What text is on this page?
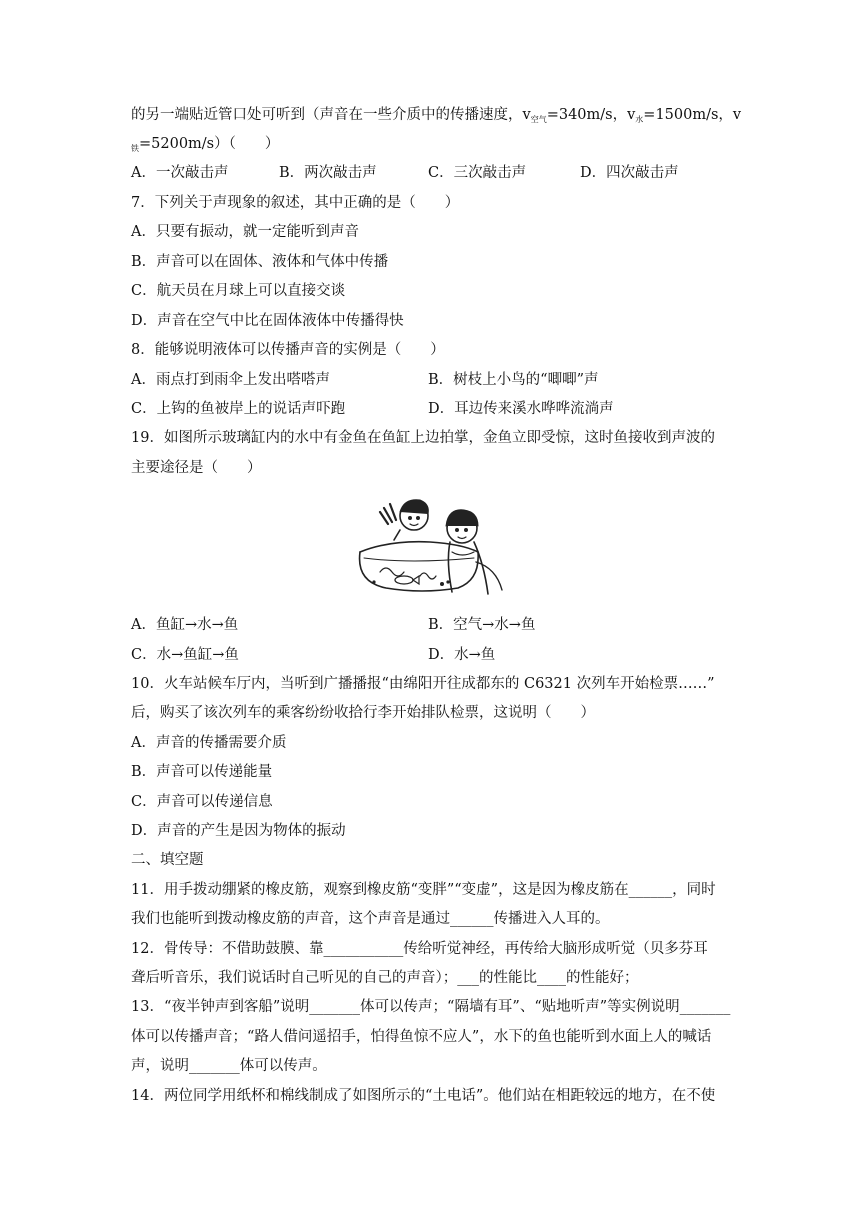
的另一端贴近管口处可听到（声音在一些介质中的传播速度，$v_{空气}=340m/s$，$v_水=1500m/s$，v
$_铁$=5200m/s）（　　）
A．一次敲击声	B．两次敲击声	C．三次敲击声	D．四次敲击声
7．下列关于声现象的叙述，其中正确的是（　　）
A．只要有振动，就一定能听到声音
B．声音可以在固体、液体和气体中传播
C．航天员在月球上可以直接交谈
D．声音在空气中比在固体液体中传播得快
8．能够说明液体可以传播声音的实例是（　　）
A．雨点打到雨伞上发出嗒嗒声	B．树枝上小鸟的“唧唧”声
C．上钩的鱼被岸上的说话声吓跑	D．耳边传来溪水哗哗流淌声
19．如图所示玻璃缸内的水中有金鱼在鱼缸上边拍掌，金鱼立即受惊，这时鱼接收到声波的
主要途径是（　　）
A．鱼缸→水→鱼	B．空气→水→鱼
C．水→鱼缸→鱼	D．水→鱼
10．火车站候车厅内，当听到广播播报“由绵阳开往成都东的 C6321 次列车开始检票……”
后，购买了该次列车的乘客纷纷收拾行李开始排队检票，这说明（　　）
A．声音的传播需要介质
B．声音可以传递能量
C．声音可以传递信息
D．声音的产生是因为物体的振动
二、填空题
11．用手拨动绷紧的橡皮筋，观察到橡皮筋“变胖”“变虚”，这是因为橡皮筋在______，同时
我们也能听到拨动橡皮筋的声音，这个声音是通过______传播进入人耳的。
12．骨传导：不借助鼓膜、靠___________传给听觉神经，再传给大脑形成听觉（贝多芬耳
聋后听音乐，我们说话时自己听见的自己的声音）；___的性能比____的性能好；
13．“夜半钟声到客船”说明_______体可以传声；“隔墙有耳”、“贴地听声”等实例说明_______
体可以传播声音；“路人借问遥招手，怕得鱼惊不应人”，水下的鱼也能听到水面上人的喊话
声，说明_______体可以传声。
14．两位同学用纸杯和棉线制成了如图所示的“土电话”。他们站在相距较远的地方，在不使
